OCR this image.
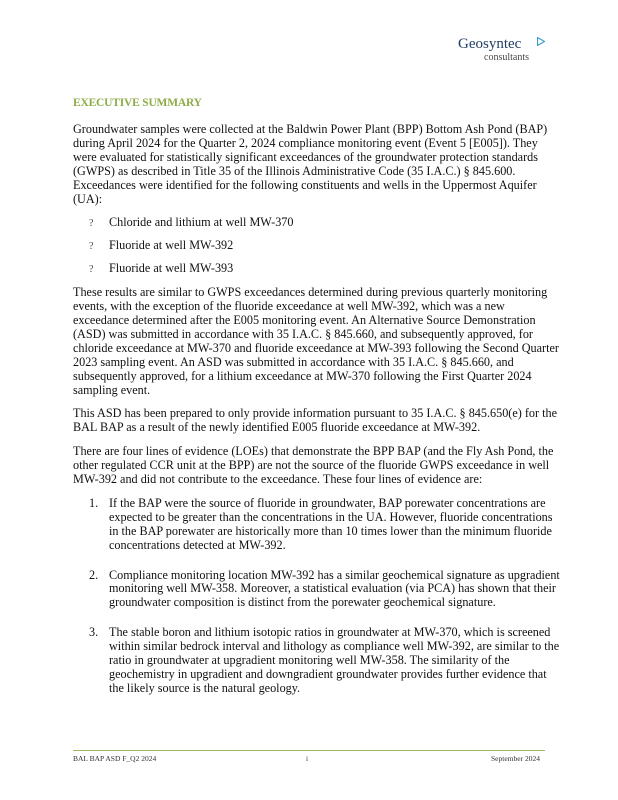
Geosyntec
consultants
EXECUTIVE SUMMARY

Groundwater samples were collected at the Baldwin Power Plant (BPP) Bottom Ash Pond (BAP) during April 2024 for the Quarter 2, 2024 compliance monitoring event (Event 5 [E005]). They were evaluated for statistically significant exceedances of the groundwater protection standards (GWPS) as described in Title 35 of the Illinois Administrative Code (35 I.A.C.) § 845.600. Exceedances were identified for the following constituents and wells in the Uppermost Aquifer (UA):

? Chloride and lithium at well MW-370
? Fluoride at well MW-392
? Fluoride at well MW-393

These results are similar to GWPS exceedances determined during previous quarterly monitoring events, with the exception of the fluoride exceedance at well MW-392, which was a new exceedance determined after the E005 monitoring event. An Alternative Source Demonstration (ASD) was submitted in accordance with 35 I.A.C. § 845.660, and subsequently approved, for chloride exceedance at MW-370 and fluoride exceedance at MW-393 following the Second Quarter 2023 sampling event. An ASD was submitted in accordance with 35 I.A.C. § 845.660, and subsequently approved, for a lithium exceedance at MW-370 following the First Quarter 2024 sampling event.

This ASD has been prepared to only provide information pursuant to 35 I.A.C. § 845.650(e) for the BAL BAP as a result of the newly identified E005 fluoride exceedance at MW-392.

There are four lines of evidence (LOEs) that demonstrate the BPP BAP (and the Fly Ash Pond, the other regulated CCR unit at the BPP) are not the source of the fluoride GWPS exceedance in well MW-392 and did not contribute to the exceedance. These four lines of evidence are:

1. If the BAP were the source of fluoride in groundwater, BAP porewater concentrations are expected to be greater than the concentrations in the UA. However, fluoride concentrations in the BAP porewater are historically more than 10 times lower than the minimum fluoride concentrations detected at MW-392.
2. Compliance monitoring location MW-392 has a similar geochemical signature as upgradient monitoring well MW-358. Moreover, a statistical evaluation (via PCA) has shown that their groundwater composition is distinct from the porewater geochemical signature.
3. The stable boron and lithium isotopic ratios in groundwater at MW-370, which is screened within similar bedrock interval and lithology as compliance well MW-392, are similar to the ratio in groundwater at upgradient monitoring well MW-358. The similarity of the geochemistry in upgradient and downgradient groundwater provides further evidence that the likely source is the natural geology.
BAL BAP ASD F_Q2 2024	i	September 2024
